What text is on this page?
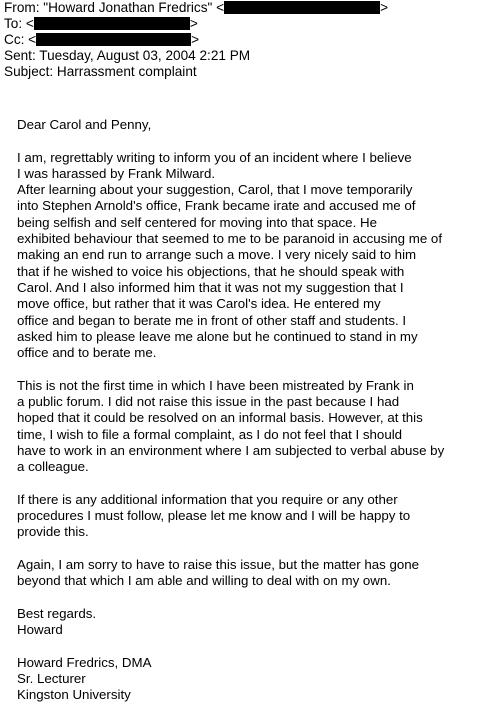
From: "Howard Jonathan Fredrics" <	>
To: <	>
Cc: <	>
Sent: Tuesday, August 03, 2004 2:21 PM
Subject: Harrassment complaint
Dear Carol and Penny,
I am, regrettably writing to inform you of an incident where I believe
I was harassed by Frank Milward.
After learning about your suggestion, Carol, that I move temporarily
into Stephen Arnold's office, Frank became irate and accused me of
being selfish and self centered for moving into that space. He
exhibited behaviour that seemed to me to be paranoid in accusing me of
making an end run to arrange such a move. I very nicely said to him
that if he wished to voice his objections, that he should speak with
Carol. And I also informed him that it was not my suggestion that I
move office, but rather that it was Carol's idea. He entered my
office and began to berate me in front of other staff and students. I
asked him to please leave me alone but he continued to stand in my
office and to berate me.
This is not the first time in which I have been mistreated by Frank in
a public forum. I did not raise this issue in the past because I had
hoped that it could be resolved on an informal basis. However, at this
time, I wish to file a formal complaint, as I do not feel that I should
have to work in an environment where I am subjected to verbal abuse by
a colleague.
If there is any additional information that you require or any other
procedures I must follow, please let me know and I will be happy to
provide this.
Again, I am sorry to have to raise this issue, but the matter has gone
beyond that which I am able and willing to deal with on my own.
Best regards.
Howard
Howard Fredrics, DMA
Sr. Lecturer
Kingston University
